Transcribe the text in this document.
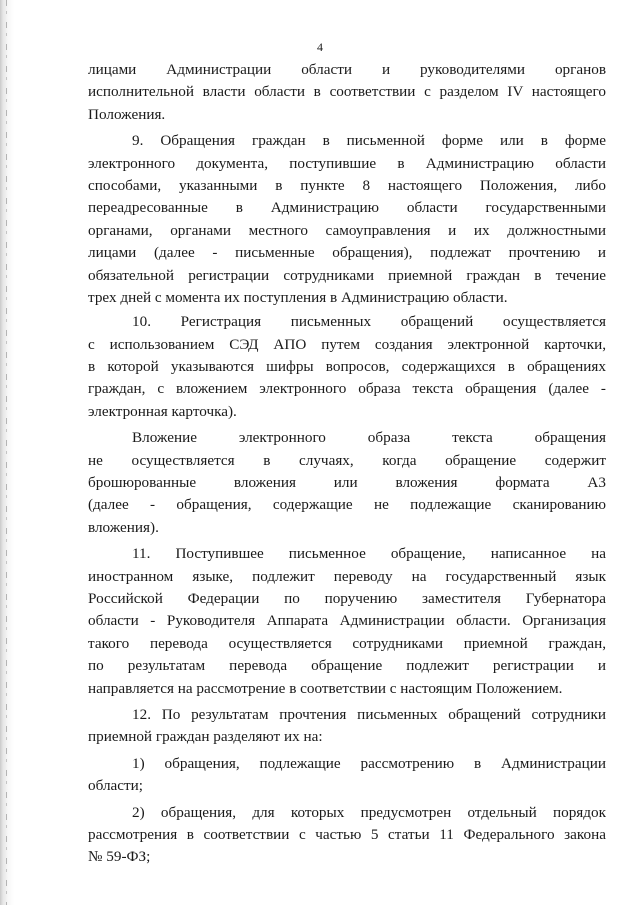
4
лицами Администрации области и руководителями органов
исполнительной власти области в соответствии с разделом IV настоящего
Положения.
9. Обращения граждан в письменной форме или в форме
электронного документа, поступившие в Администрацию области
способами, указанными в пункте 8 настоящего Положения, либо
переадресованные в Администрацию области государственными
органами, органами местного самоуправления и их должностными
лицами (далее - письменные обращения), подлежат прочтению и
обязательной регистрации сотрудниками приемной граждан в течение
трех дней с момента их поступления в Администрацию области.
10. Регистрация письменных обращений осуществляется
с использованием СЭД АПО путем создания электронной карточки,
в которой указываются шифры вопросов, содержащихся в обращениях
граждан, с вложением электронного образа текста обращения (далее -
электронная карточка).
Вложение электронного образа текста обращения
не осуществляется в случаях, когда обращение содержит
брошюрованные вложения или вложения формата А3
(далее - обращения, содержащие не подлежащие сканированию
вложения).
11. Поступившее письменное обращение, написанное на
иностранном языке, подлежит переводу на государственный язык
Российской Федерации по поручению заместителя Губернатора
области - Руководителя Аппарата Администрации области. Организация
такого перевода осуществляется сотрудниками приемной граждан,
по результатам перевода обращение подлежит регистрации и
направляется на рассмотрение в соответствии с настоящим Положением.
12. По результатам прочтения письменных обращений сотрудники
приемной граждан разделяют их на:
1) обращения, подлежащие рассмотрению в Администрации
области;
2) обращения, для которых предусмотрен отдельный порядок
рассмотрения в соответствии с частью 5 статьи 11 Федерального закона
№ 59-ФЗ;
